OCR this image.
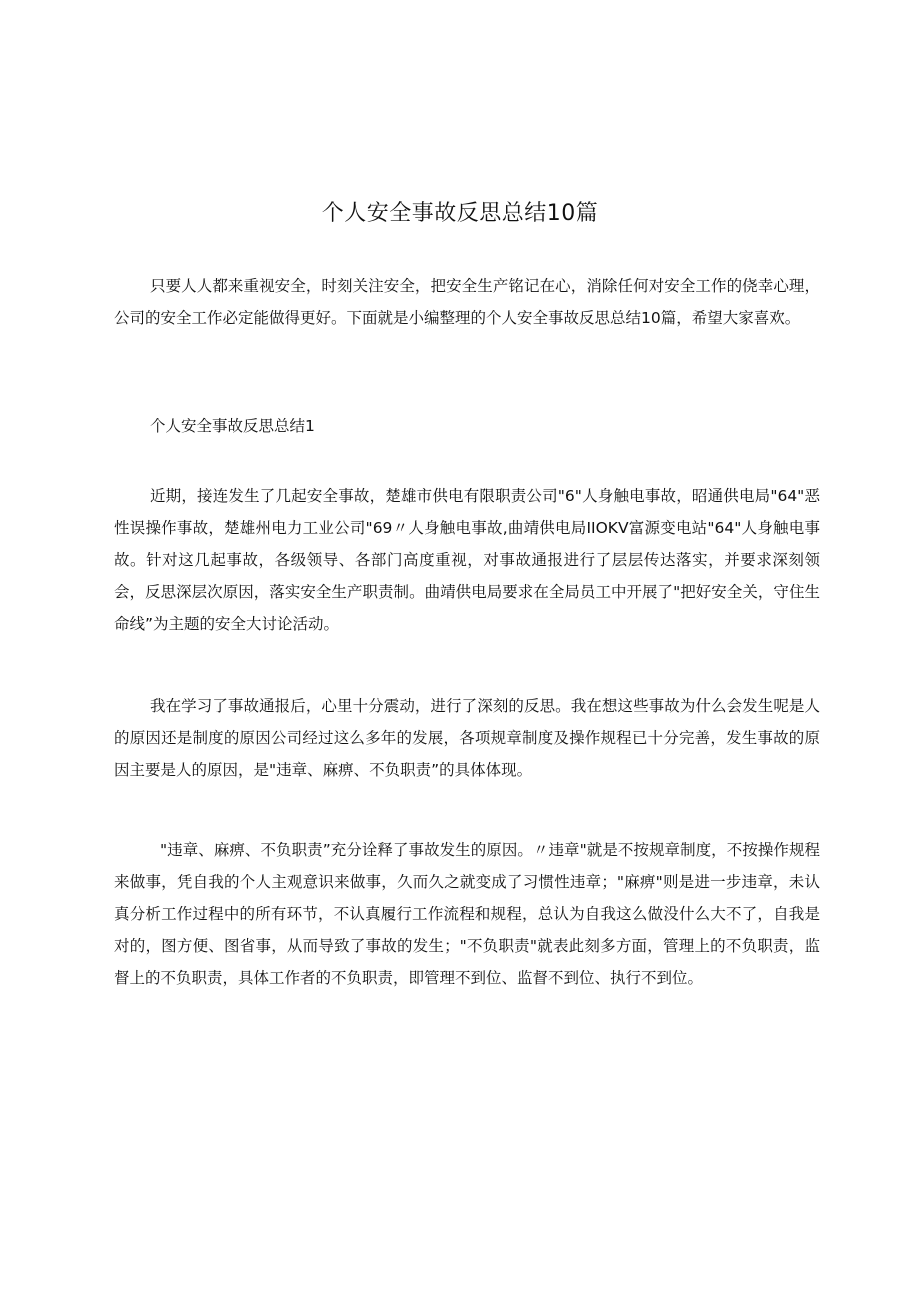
个人安全事故反思总结10篇

只要人人都来重视安全，时刻关注安全，把安全生产铭记在心，消除任何对安全工作的侥幸心理，公司的安全工作必定能做得更好。下面就是小编整理的个人安全事故反思总结10篇，希望大家喜欢。

个人安全事故反思总结1

近期，接连发生了几起安全事故，楚雄市供电有限职责公司"6"人身触电事故，昭通供电局"64"恶性误操作事故，楚雄州电力工业公司"69〃人身触电事故,曲靖供电局IIOKV富源变电站"64"人身触电事故。针对这几起事故，各级领导、各部门高度重视，对事故通报进行了层层传达落实，并要求深刻领会，反思深层次原因，落实安全生产职责制。曲靖供电局要求在全局员工中开展了"把好安全关，守住生命线”为主题的安全大讨论活动。

我在学习了事故通报后，心里十分震动，进行了深刻的反思。我在想这些事故为什么会发生呢是人的原因还是制度的原因公司经过这么多年的发展，各项规章制度及操作规程已十分完善，发生事故的原因主要是人的原因，是"违章、麻痹、不负职责”的具体体现。

"违章、麻痹、不负职责”充分诠释了事故发生的原因。〃违章"就是不按规章制度，不按操作规程来做事，凭自我的个人主观意识来做事，久而久之就变成了习惯性违章；"麻痹"则是进一步违章，未认真分析工作过程中的所有环节，不认真履行工作流程和规程，总认为自我这么做没什么大不了，自我是对的，图方便、图省事，从而导致了事故的发生；"不负职责"就表此刻多方面，管理上的不负职责，监督上的不负职责，具体工作者的不负职责，即管理不到位、监督不到位、执行不到位。
